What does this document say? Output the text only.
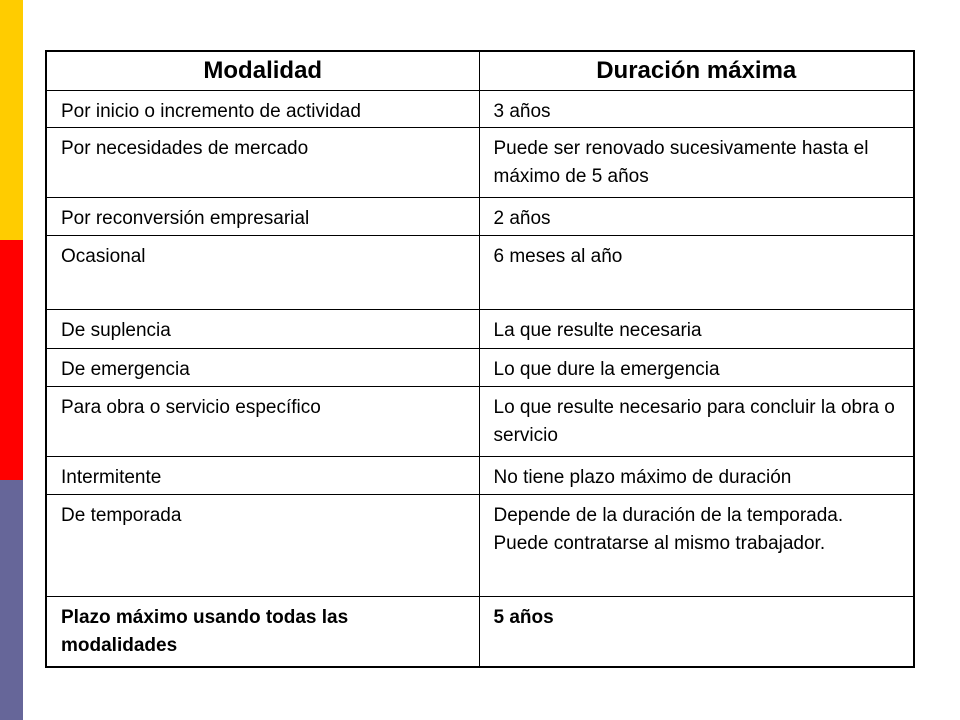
Modalidad	Duración máxima
Por inicio o incremento de actividad	3 años
Por necesidades de mercado	Puede ser renovado sucesivamente hasta el máximo de 5 años
Por reconversión empresarial	2 años
Ocasional	6 meses al año
De suplencia	La que resulte necesaria
De emergencia	Lo que dure la emergencia
Para obra o servicio específico	Lo que resulte necesario para concluir la obra o servicio
Intermitente	No tiene plazo máximo de duración
De temporada	Depende de la duración de la temporada. Puede contratarse al mismo trabajador.
Plazo máximo usando todas las modalidades	5 años
